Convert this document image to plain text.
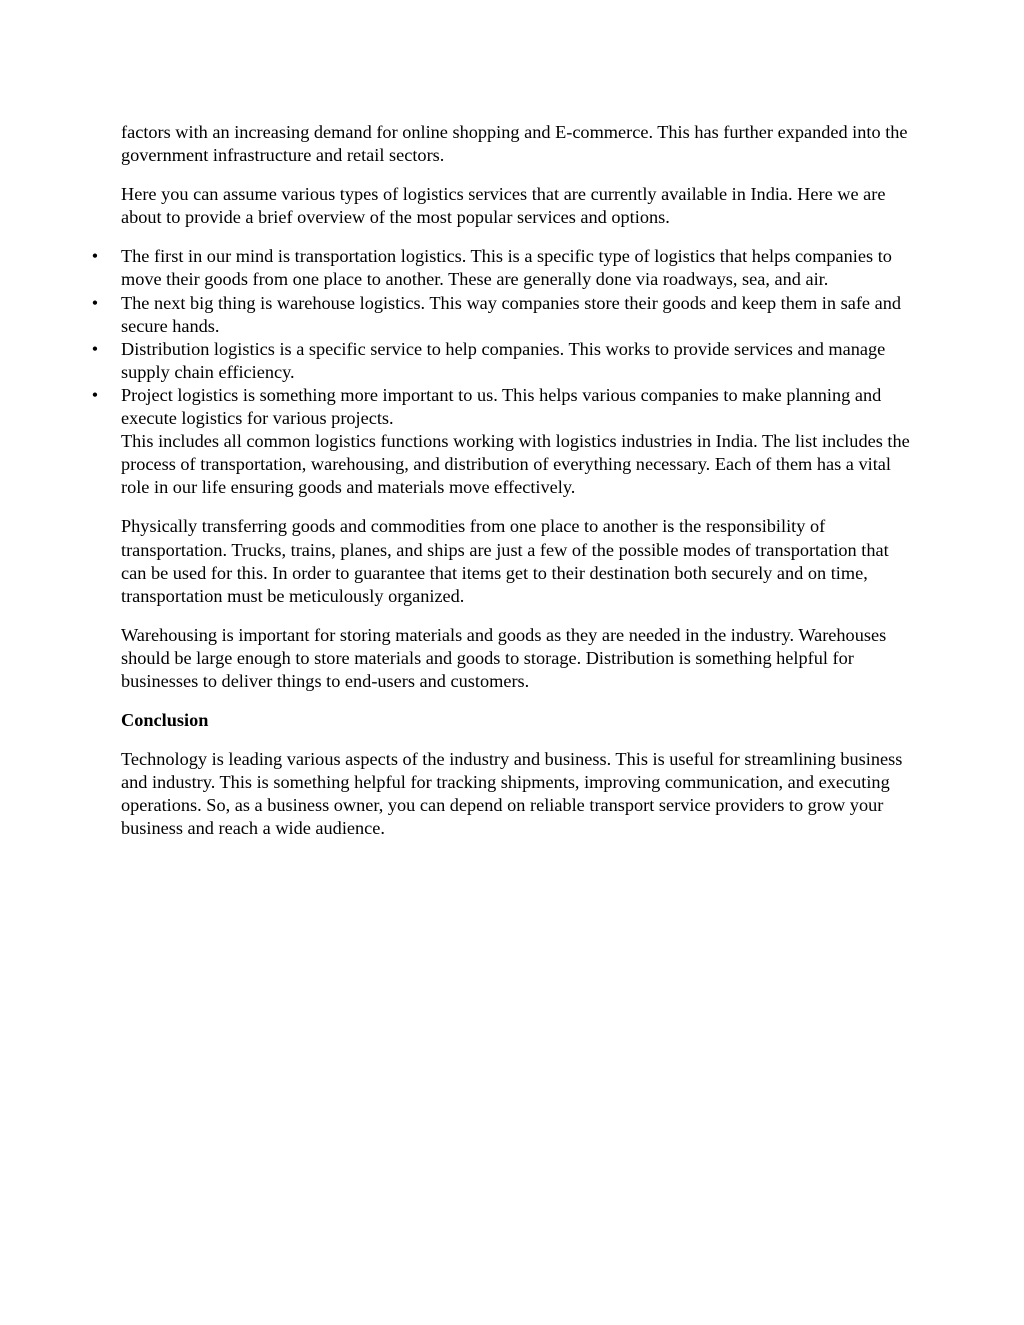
factors with an increasing demand for online shopping and E-commerce. This has further expanded into the government infrastructure and retail sectors.

Here you can assume various types of logistics services that are currently available in India. Here we are about to provide a brief overview of the most popular services and options.

• The first in our mind is transportation logistics. This is a specific type of logistics that helps companies to move their goods from one place to another. These are generally done via roadways, sea, and air.
• The next big thing is warehouse logistics. This way companies store their goods and keep them in safe and secure hands.
• Distribution logistics is a specific service to help companies. This works to provide services and manage supply chain efficiency.
• Project logistics is something more important to us. This helps various companies to make planning and execute logistics for various projects.
This includes all common logistics functions working with logistics industries in India. The list includes the process of transportation, warehousing, and distribution of everything necessary. Each of them has a vital role in our life ensuring goods and materials move effectively.

Physically transferring goods and commodities from one place to another is the responsibility of transportation. Trucks, trains, planes, and ships are just a few of the possible modes of transportation that can be used for this. In order to guarantee that items get to their destination both securely and on time, transportation must be meticulously organized.

Warehousing is important for storing materials and goods as they are needed in the industry. Warehouses should be large enough to store materials and goods to storage. Distribution is something helpful for businesses to deliver things to end-users and customers.

Conclusion

Technology is leading various aspects of the industry and business. This is useful for streamlining business and industry. This is something helpful for tracking shipments, improving communication, and executing operations. So, as a business owner, you can depend on reliable transport service providers to grow your business and reach a wide audience.
